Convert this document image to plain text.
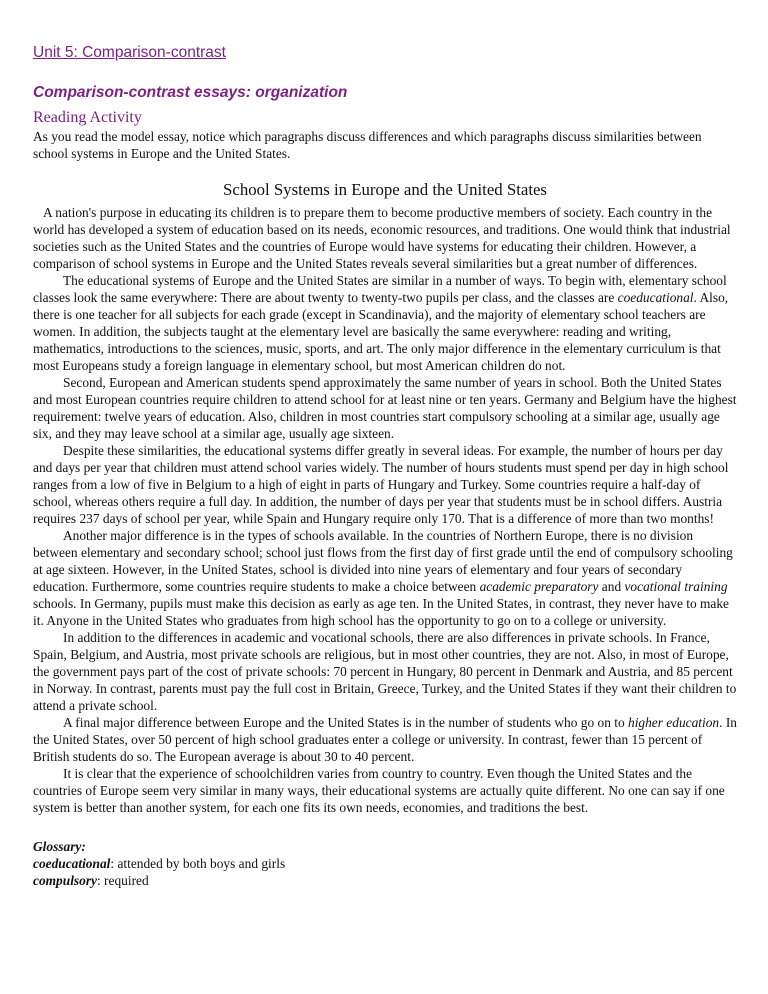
Unit 5: Comparison-contrast
Comparison-contrast essays: organization
Reading Activity

As you read the model essay, notice which paragraphs discuss differences and which paragraphs discuss similarities between school systems in Europe and the United States.

School Systems in Europe and the United States

A nation's purpose in educating its children is to prepare them to become productive members of society. Each country in the world has developed a system of education based on its needs, economic resources, and traditions. One would think that industrial societies such as the United States and the countries of Europe would have systems for educating their children. However, a comparison of school systems in Europe and the United States reveals several similarities but a great number of differences.

The educational systems of Europe and the United States are similar in a number of ways. To begin with, elementary school classes look the same everywhere: There are about twenty to twenty-two pupils per class, and the classes are coeducational. Also, there is one teacher for all subjects for each grade (except in Scandinavia), and the majority of elementary school teachers are women. In addition, the subjects taught at the elementary level are basically the same everywhere: reading and writing, mathematics, introductions to the sciences, music, sports, and art. The only major difference in the elementary curriculum is that most Europeans study a foreign language in elementary school, but most American children do not.

Second, European and American students spend approximately the same number of years in school. Both the United States and most European countries require children to attend school for at least nine or ten years. Germany and Belgium have the highest requirement: twelve years of education. Also, children in most countries start compulsory schooling at a similar age, usually age six, and they may leave school at a similar age, usually age sixteen.

Despite these similarities, the educational systems differ greatly in several ideas. For example, the number of hours per day and days per year that children must attend school varies widely. The number of hours students must spend per day in high school ranges from a low of five in Belgium to a high of eight in parts of Hungary and Turkey. Some countries require a half-day of school, whereas others require a full day. In addition, the number of days per year that students must be in school differs. Austria requires 237 days of school per year, while Spain and Hungary require only 170. That is a difference of more than two months!

Another major difference is in the types of schools available. In the countries of Northern Europe, there is no division between elementary and secondary school; school just flows from the first day of first grade until the end of compulsory schooling at age sixteen. However, in the United States, school is divided into nine years of elementary and four years of secondary education. Furthermore, some countries require students to make a choice between academic preparatory and vocational training schools. In Germany, pupils must make this decision as early as age ten. In the United States, in contrast, they never have to make it. Anyone in the United States who graduates from high school has the opportunity to go on to a college or university.

In addition to the differences in academic and vocational schools, there are also differences in private schools. In France, Spain, Belgium, and Austria, most private schools are religious, but in most other countries, they are not. Also, in most of Europe, the government pays part of the cost of private schools: 70 percent in Hungary, 80 percent in Denmark and Austria, and 85 percent in Norway. In contrast, parents must pay the full cost in Britain, Greece, Turkey, and the United States if they want their children to attend a private school.

A final major difference between Europe and the United States is in the number of students who go on to higher education. In the United States, over 50 percent of high school graduates enter a college or university. In contrast, fewer than 15 percent of British students do so. The European average is about 30 to 40 percent.

It is clear that the experience of schoolchildren varies from country to country. Even though the United States and the countries of Europe seem very similar in many ways, their educational systems are actually quite different. No one can say if one system is better than another system, for each one fits its own needs, economies, and traditions the best.

Glossary:

coeducational: attended by both boys and girls

compulsory: required
